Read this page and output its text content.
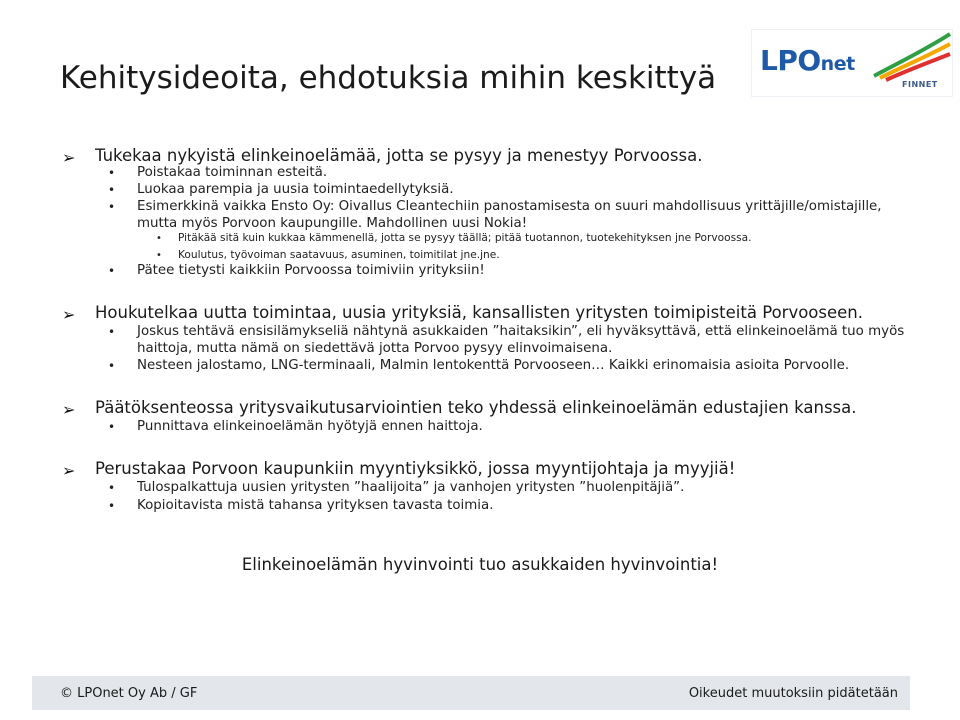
Kehitysideoita, ehdotuksia mihin keskittyä LPOnet
FINNET
➢ Tukekaa nykyistä elinkeinoelämää, jotta se pysyy ja menestyy Porvoossa.
• Poistakaa toiminnan esteitä.
• Luokaa parempia ja uusia toimintaedellytyksiä.
• Esimerkkinä vaikka Ensto Oy: Oivallus Cleantechiin panostamisesta on suuri mahdollisuus yrittäjille/omistajille, mutta myös Porvoon kaupungille. Mahdollinen uusi Nokia!
• Pitäkää sitä kuin kukkaa kämmenellä, jotta se pysyy täällä; pitää tuotannon, tuotekehityksen jne Porvoossa.
• Koulutus, työvoiman saatavuus, asuminen, toimitilat jne.jne.
• Pätee tietysti kaikkiin Porvoossa toimiviin yrityksiin!
➢ Houkutelkaa uutta toimintaa, uusia yrityksiä, kansallisten yritysten toimipisteitä Porvooseen.
• Joskus tehtävä ensisilämykseliä nähtynä asukkaiden ”haitaksikin”, eli hyväksyttävä, että elinkeinoelämä tuo myös haittoja, mutta nämä on siedettävä jotta Porvoo pysyy elinvoimaisena.
• Nesteen jalostamo, LNG-terminaali, Malmin lentokenttä Porvooseen… Kaikki erinomaisia asioita Porvoolle.
➢ Päätöksenteossa yritysvaikutusarviointien teko yhdessä elinkeinoelämän edustajien kanssa.
• Punnittava elinkeinoelämän hyötyjä ennen haittoja.
➢ Perustakaa Porvoon kaupunkiin myyntiyksikkö, jossa myyntijohtaja ja myyjiä!
• Tulospalkattuja uusien yritysten ”haalijoita” ja vanhojen yritysten ”huolenpitäjiä”.
• Kopioitavista mistä tahansa yrityksen tavasta toimia.
Elinkeinoelämän hyvinvointi tuo asukkaiden hyvinvointia!
© LPOnet Oy Ab / GF	Oikeudet muutoksiin pidätetään
